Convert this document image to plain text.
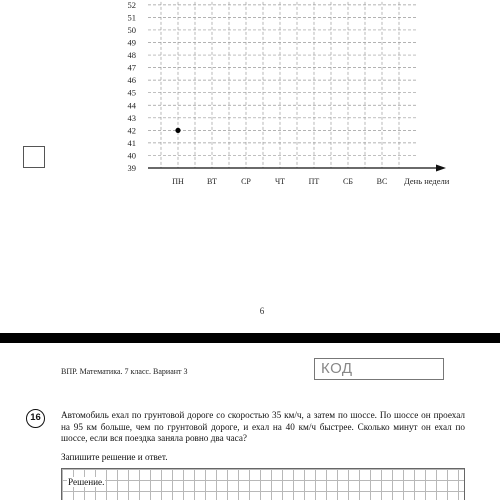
39
40
41
42
43
44
45
46
47
48
49
50
51
52
ПН	ВТ	СР	ЧТ	ПТ	СБ	ВС День недели
6
ВПР. Математика. 7 класс. Вариант 3	КОД
16	Автомобиль ехал по грунтовой дороге со скоростью 35 км/ч, а затем по шоссе. По шоссе он проехал на 95 км больше, чем по грунтовой дороге, и ехал на 40 км/ч быстрее. Сколько минут он ехал по шоссе, если вся поездка заняла ровно два часа?
Запишите решение и ответ.
Решение.
